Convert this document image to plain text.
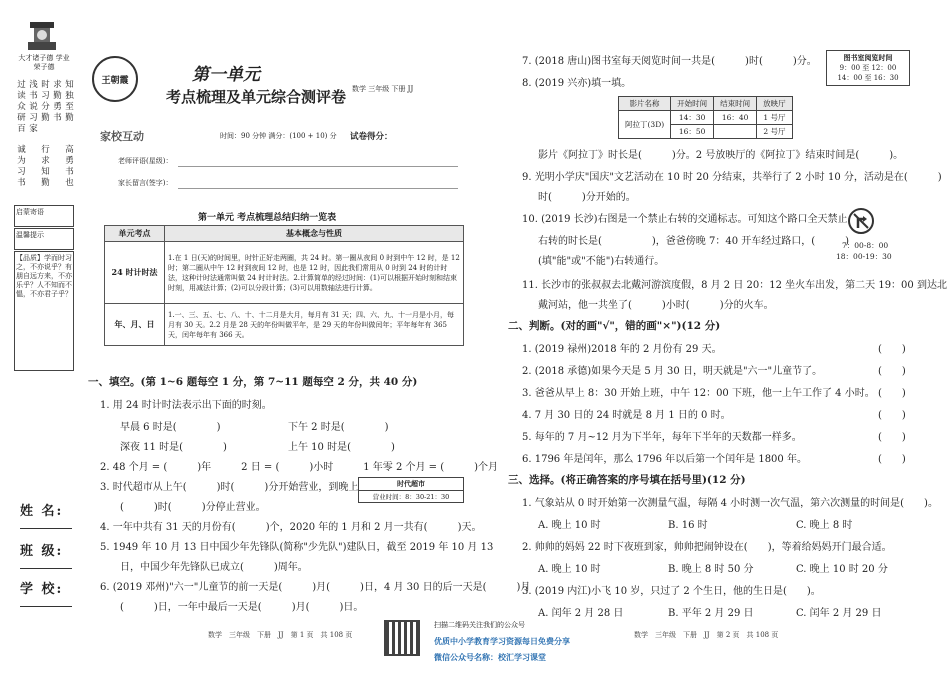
大才诸子德 学业荣子德
过读众研百
浅书说习家
时习分勤
求勤勇书
知独至勤
诚为习书
行求知勤
高勇书也
启蒙寄语
温馨提示
【品质】学而时习之，不亦说乎？有朋自远方来，不亦乐乎？人不知而不愠，不亦君子乎？
姓 名:
班 级:
学 校:
王朝霞	第一单元
考点梳理及单元综合测评卷 数学 三年级 下册 JJ
家校互动	时间：90 分钟 满分：(100 + 10) 分 试卷得分：
老师评语(星级)：
家长留言(签字)：
第一单元 考点梳理总结归纳一览表
单元考点	基本概念与性质
24 时计时法	1.在 1 日(天)的时间里，时针正好走两圈，共 24 时。第一圈从夜间 0 时到中午 12 时，是 12 时；第二圈从中午 12 时到夜间 12 时，也是 12 时，因此我们常用从 0 时到 24 时的计时法，这种计时法通常叫做 24 时计时法。2.计算简单的经过时间：(1)可以根据开始时刻和结束时刻，用减法计算；(2)可以分段计算；(3)可以用数轴法进行计算。
年、月、日	1.一、三、五、七、八、十、十二月是大月，每月有 31 天；四、六、九、十一月是小月，每月有 30 天。2.2 月是 28 天的年份叫做平年，是 29 天的年份叫做闰年；平年每年有 365 天，闰年每年有 366 天。
一、填空。(第 1~6 题每空 1 分，第 7~11 题每空 2 分，共 40 分)
1. 用 24 时计时法表示出下面的时刻。
早晨 6 时是(　　　　)	下午 2 时是(　　　　)
深夜 11 时是(　　　　)	上午 10 时是(　　　　)
2. 48 个月 = (　　　)年　　　2 日 = (　　　)小时　　　1 年零 2 个月 = (　　　)个月
3. 时代超市从上午(　　　)时(　　　)分开始营业，到晚上
(　　　)时(　　　)分停止营业。
时代超市
营业时间：8：30-21：30
4. 一年中共有 31 天的月份有(　　　)个，2020 年的 1 月和 2 月一共有(　　　)天。
5. 1949 年 10 月 13 日中国少年先锋队(简称"少先队")建队日，截至 2019 年 10 月 13
日，中国少年先锋队已成立(　　　)周年。
6. (2019 邓州)"六一"儿童节的前一天是(　　　)月(　　　)日，4 月 30 日的后一天是(　　　)月
(　　　)日，一年中最后一天是(　　　)月(　　　)日。
数学　三年级　下册　JJ　第 1 页　共 108 页
扫描二维码关注我们的公众号
优质中小学教育学习资源每日免费分享
微信公众号名称：校汇学习课堂
7. (2018 唐山)图书室每天阅览时间一共是(　　　)时(　　　)分。	图书室阅览时间
9：00 至 12：00
14：00 至 16：30
8. (2019 兴亦)填一填。
影片名称	开始时间	结束时间	放映厅
阿拉丁(3D)	14：30	16：40	1 号厅
	16：50	　　	2 号厅
影片《阿拉丁》时长是(　　　)分。2 号放映厅的《阿拉丁》结束时间是(　　　)。
9. 光明小学庆"国庆"文艺活动在 10 时 20 分结束，共举行了 2 小时 10 分，活动是在(　　　)
时(　　　)分开始的。
10. (2019 长沙)右图是一个禁止右转的交通标志。可知这个路口全天禁止
右转的时长是(　　　　　)，爸爸傍晚 7：40 开车经过路口，(　　　)
(填"能"或"不能")右转通行。
7：00-8：00
18：00-19：30
11. 长沙市的张叔叔去北戴河游滨度假，8 月 2 日 20：12 坐火车出发，第二天 19：00 到达北
戴河站，他一共坐了(　　　)小时(　　　)分的火车。
二、判断。(对的画"√"，错的画"×")(12 分)
1. (2019 禄州)2018 年的 2 月份有 29 天。	(　　)
2. (2018 承德)如果今天是 5 月 30 日，明天就是"六一"儿童节了。	(　　)
3. 爸爸从早上 8：30 开始上班，中午 12：00 下班，他一上午工作了 4 小时。 (　　)
4. 7 月 30 日的 24 时就是 8 月 1 日的 0 时。	(　　)
5. 每年的 7 月~12 月为下半年，每年下半年的天数都一样多。	(　　)
6. 1796 年是闰年，那么 1796 年以后第一个闰年是 1800 年。	(　　)
三、选择。(将正确答案的序号填在括号里)(12 分)
1. 气象站从 0 时开始第一次测量气温，每隔 4 小时测一次气温，第六次测量的时间是(　　)。
A. 晚上 10 时	B. 16 时	C. 晚上 8 时
2. 帅帅的妈妈 22 时下夜班到家，帅帅把闹钟设在(　　)，等着给妈妈开门最合适。
A. 晚上 10 时	B. 晚上 8 时 50 分	C. 晚上 10 时 20 分
3. (2019 内江)小飞 10 岁，只过了 2 个生日，他的生日是(　　)。
A. 闰年 2 月 28 日	B. 平年 2 月 29 日	C. 闰年 2 月 29 日
数学　三年级　下册　JJ　第 2 页　共 108 页
